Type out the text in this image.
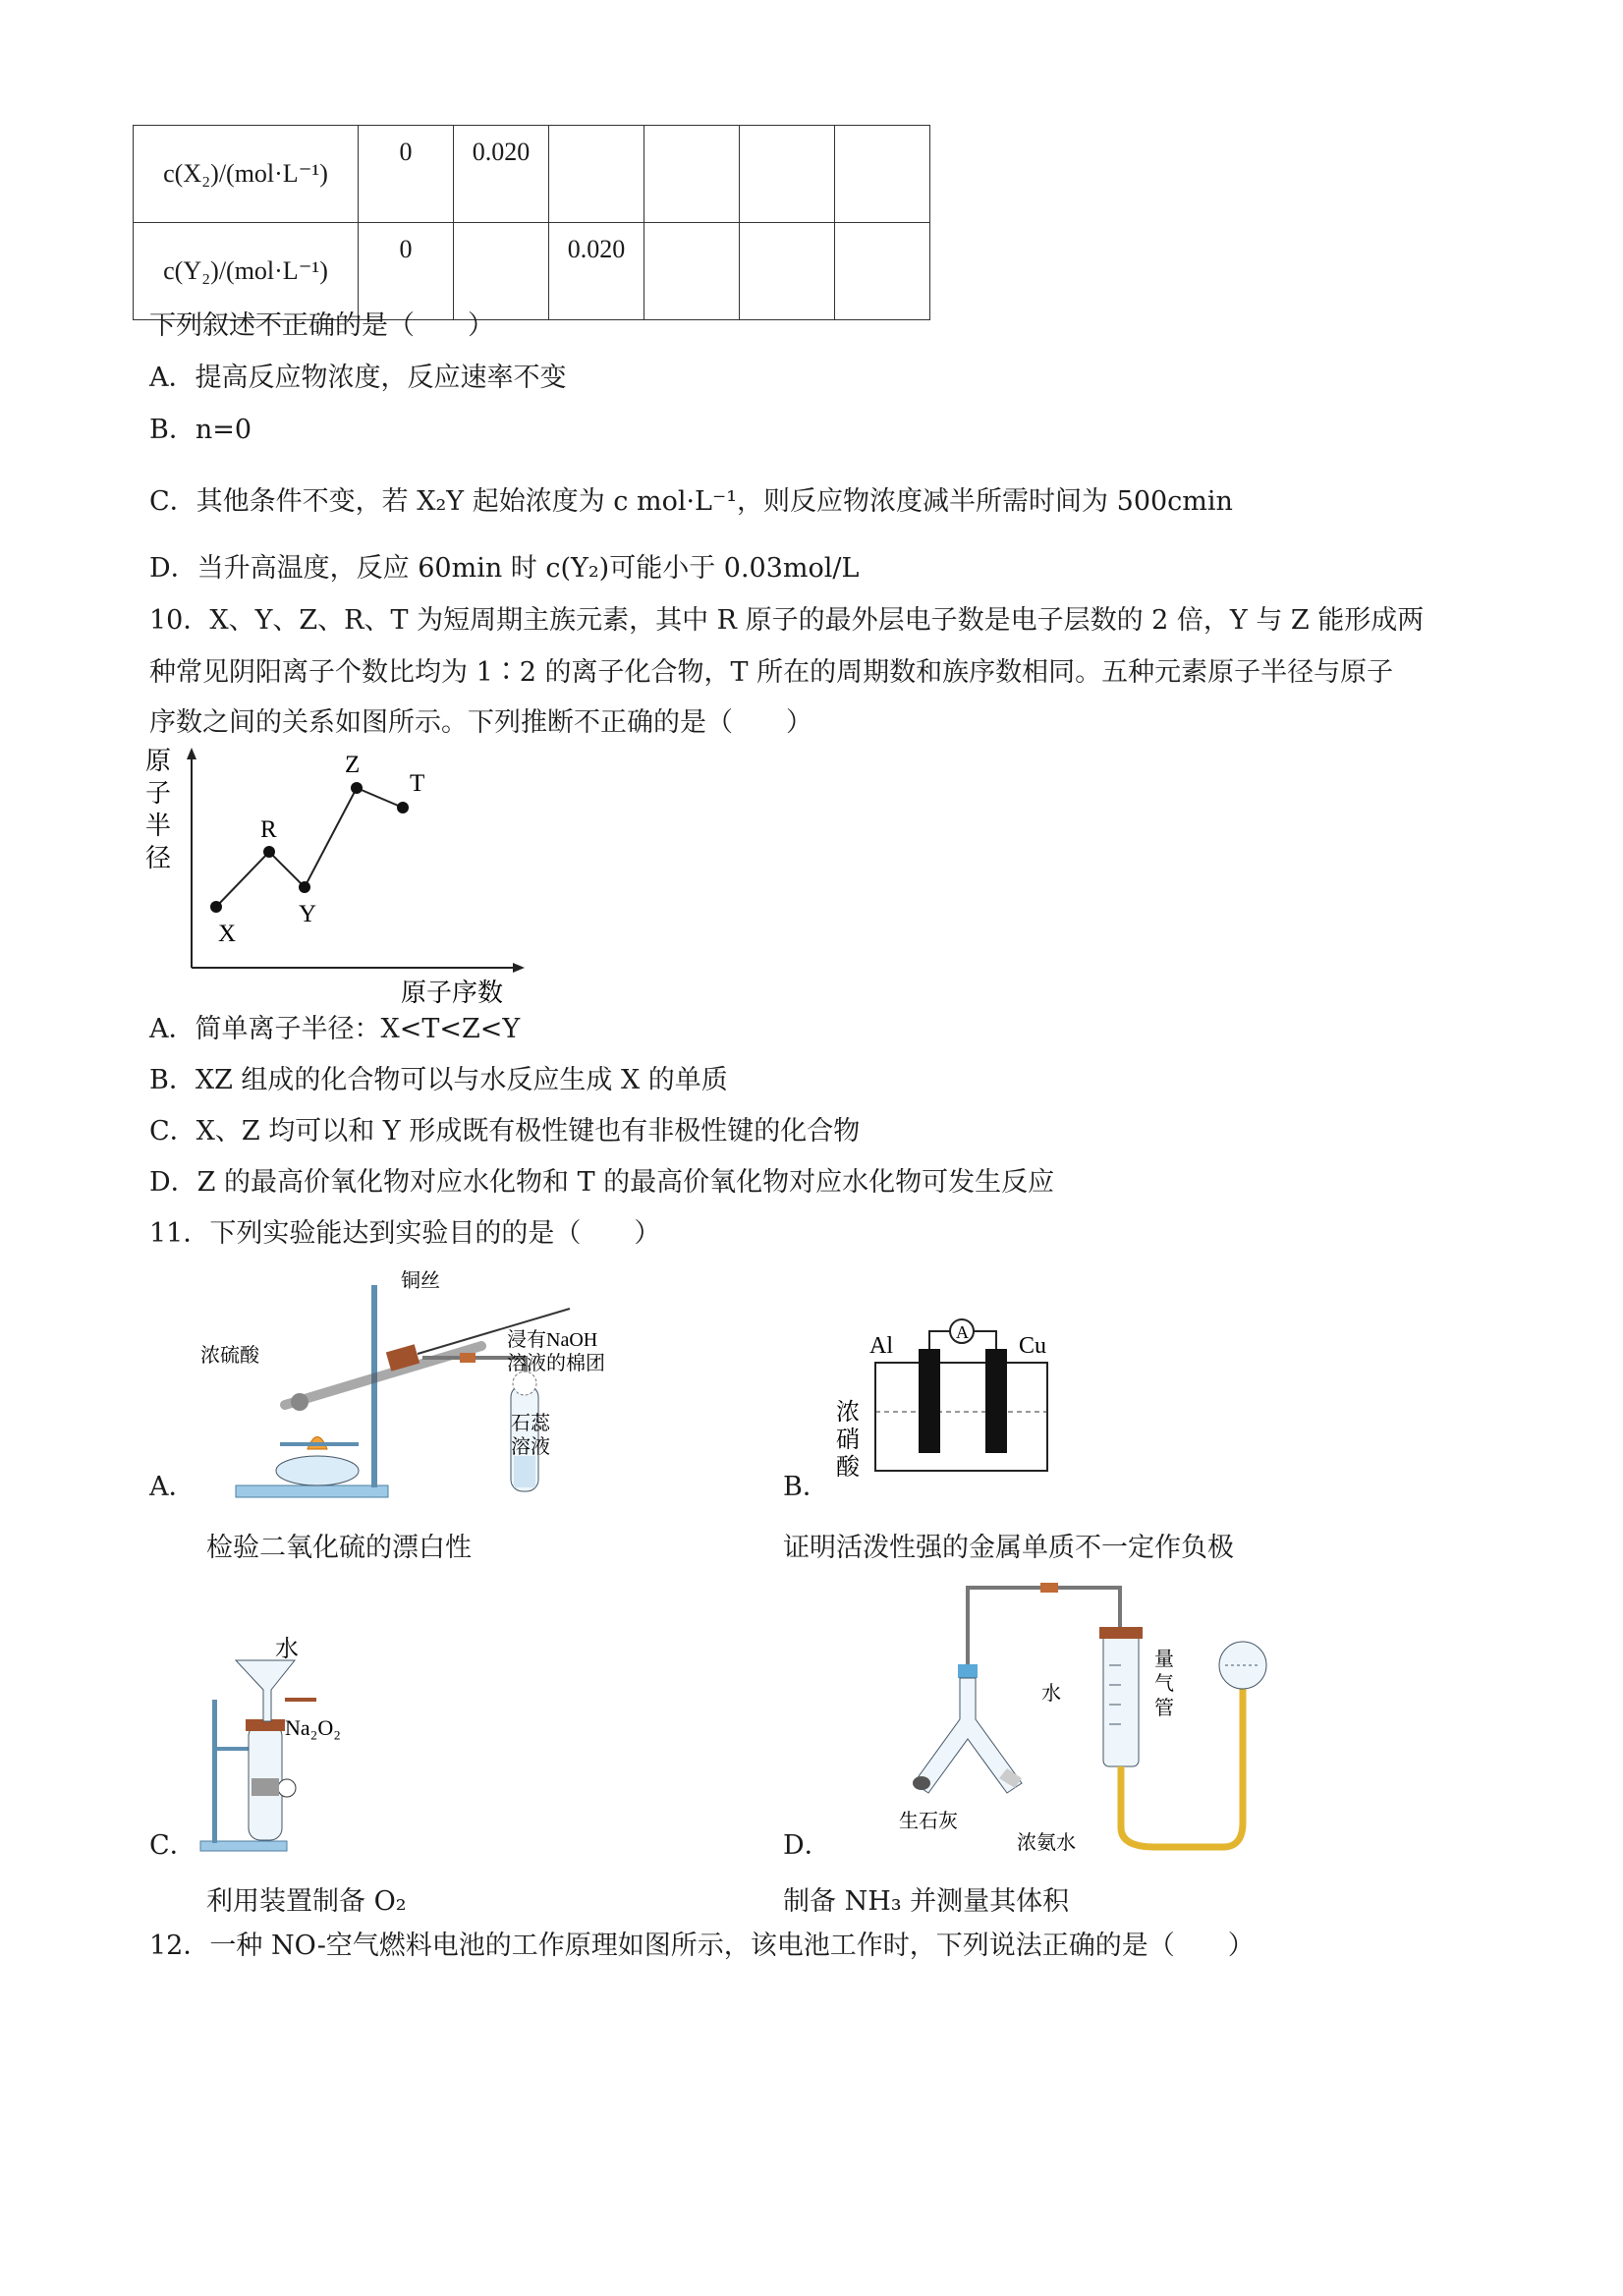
c(X₂)/(mol·L⁻¹)	0	0.020				
c(Y₂)/(mol·L⁻¹)	0		0.020			
下列叙述不正确的是（　　）
A．提高反应物浓度，反应速率不变
B．n=0
C．其他条件不变，若 X₂Y 起始浓度为 c mol·L⁻¹，则反应物浓度减半所需时间为 500cmin
D．当升高温度，反应 60min 时 c(Y₂)可能小于 0.03mol/L
10．X、Y、Z、R、T 为短周期主族元素，其中 R 原子的最外层电子数是电子层数的 2 倍，Y 与 Z 能形成两
种常见阴阳离子个数比均为 1∶2 的离子化合物，T 所在的周期数和族序数相同。五种元素原子半径与原子
序数之间的关系如图所示。下列推断不正确的是（　　）
原
子
半
径
X
R
Y
Z
T
原子序数
A．简单离子半径：X<T<Z<Y
B．XZ 组成的化合物可以与水反应生成 X 的单质
C．X、Z 均可以和 Y 形成既有极性键也有非极性键的化合物
D．Z 的最高价氧化物对应水化物和 T 的最高价氧化物对应水化物可发生反应
11．下列实验能达到实验目的的是（　　）
铜丝
浓硫酸
浸有NaOH
溶液的棉团
石蕊
溶液
A．
检验二氧化硫的漂白性
A
Al	Cu
浓
硝
酸
B．
证明活泼性强的金属单质不一定作负极
水
Na₂O₂
C．
利用装置制备 O₂
生石灰
浓氨水
水
量
气
管
D．
制备 NH₃ 并测量其体积
12．一种 NO-空气燃料电池的工作原理如图所示，该电池工作时，下列说法正确的是（　　）
